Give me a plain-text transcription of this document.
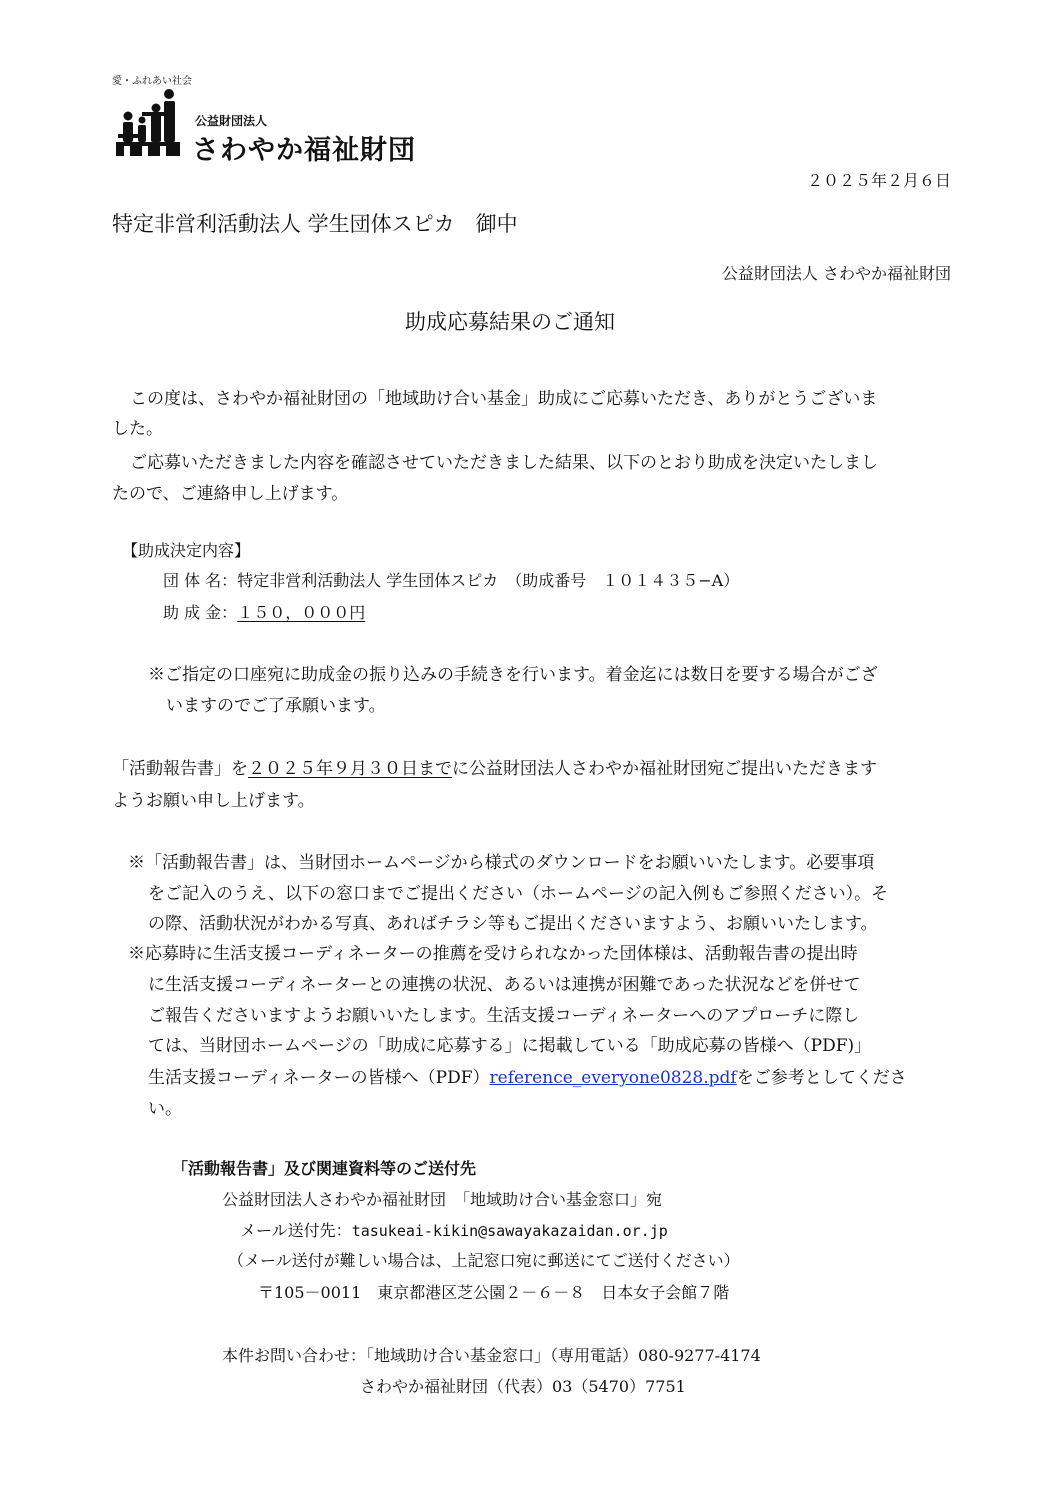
愛・ふれあい社会
公益財団法人
さわやか福祉財団
２０２５年２月６日
特定非営利活動法人 学生団体スピカ　御中
公益財団法人 さわやか福祉財団
助成応募結果のご通知
この度は、さわやか福祉財団の「地域助け合い基金」助成にご応募いただき、ありがとうございま
した。
ご応募いただきました内容を確認させていただきました結果、以下のとおり助成を決定いたしまし
たので、ご連絡申し上げます。
【助成決定内容】
団 体 名：特定非営利活動法人 学生団体スピカ　（助成番号　１０１４３５−A）
助 成 金：１５０，０００円
※ご指定の口座宛に助成金の振り込みの手続きを行います。着金迄には数日を要する場合がござ
いますのでご了承願います。
「活動報告書」を２０２５年９月３０日までに公益財団法人さわやか福祉財団宛ご提出いただきます
ようお願い申し上げます。
※「活動報告書」は、当財団ホームページから様式のダウンロードをお願いいたします。必要事項
をご記入のうえ、以下の窓口までご提出ください（ホームページの記入例もご参照ください）。そ
の際、活動状況がわかる写真、あればチラシ等もご提出くださいますよう、お願いいたします。
※応募時に生活支援コーディネーターの推薦を受けられなかった団体様は、活動報告書の提出時
に生活支援コーディネーターとの連携の状況、あるいは連携が困難であった状況などを併せて
ご報告くださいますようお願いいたします。生活支援コーディネーターへのアプローチに際し
ては、当財団ホームページの「助成に応募する」に掲載している「助成応募の皆様へ（PDF)」
生活支援コーディネーターの皆様へ（PDF）reference_everyone0828.pdfをご参考としてくださ
い。
「活動報告書」及び関連資料等のご送付先
公益財団法人さわやか福祉財団　「地域助け合い基金窓口」宛
メール送付先：tasukeai-kikin@sawayakazaidan.or.jp
（メール送付が難しい場合は、上記窓口宛に郵送にてご送付ください）
〒105－0011　東京都港区芝公園２－６－８　日本女子会館７階
本件お問い合わせ：「地域助け合い基金窓口」（専用電話）080-9277-4174
さわやか福祉財団（代表）03（5470）7751
